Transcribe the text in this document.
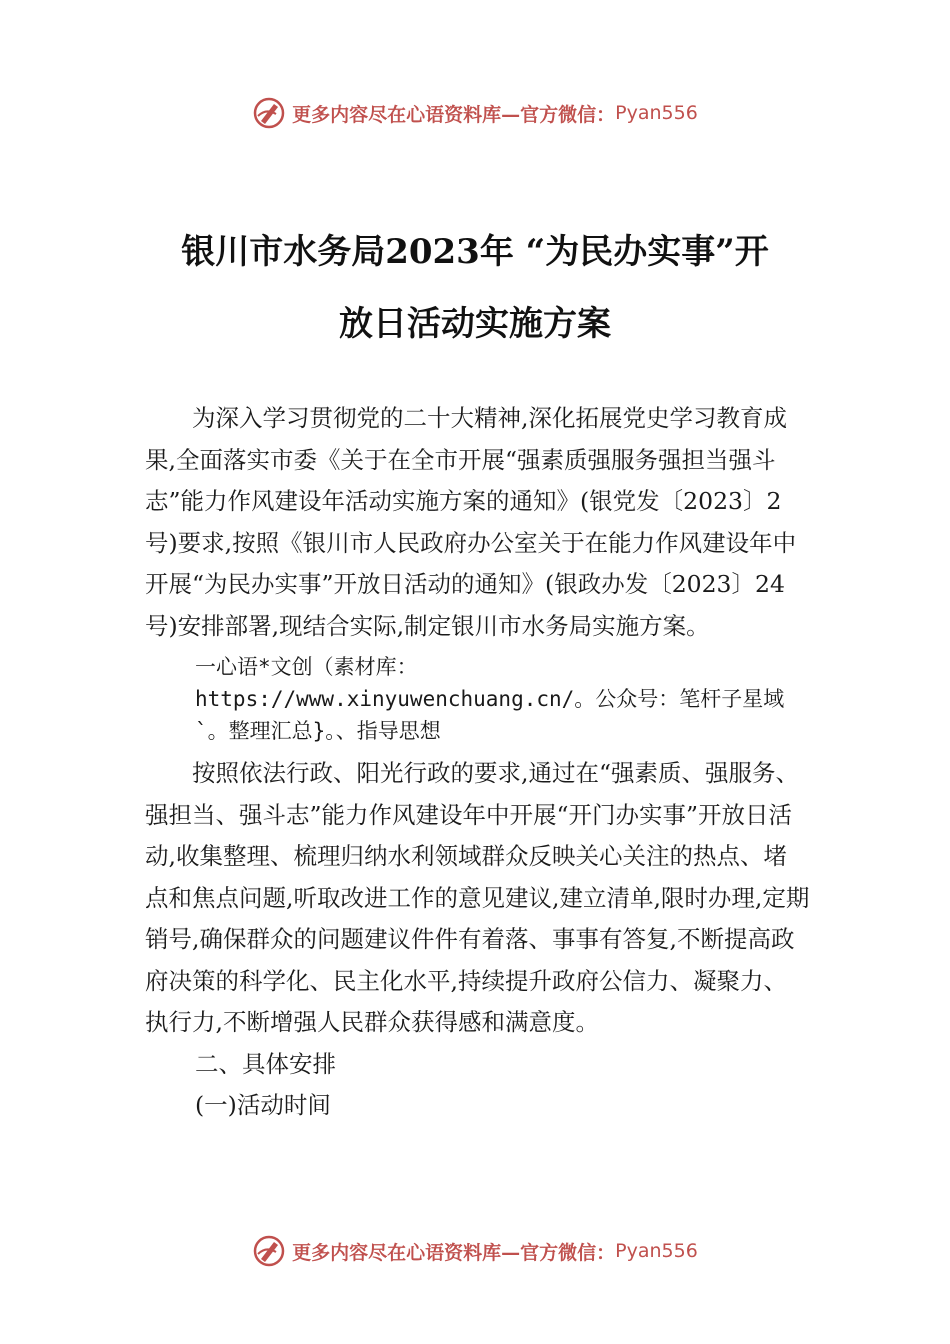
更多内容尽在心语资料库—官方微信： Pyan556
银川市水务局2023年 “为民办实事”开
放日活动实施方案

为深入学习贯彻党的二十大精神,深化拓展党史学习教育成果,全面落实市委《关于在全市开展“强素质强服务强担当强斗志”能力作风建设年活动实施方案的通知》(银党发〔2023〕2号)要求,按照《银川市人民政府办公室关于在能力作风建设年中开展“为民办实事”开放日活动的通知》(银政办发〔2023〕24号)安排部署,现结合实际,制定银川市水务局实施方案。

一心语*文创（素材库：https://www.xinyuwenchuang.cn/。公众号：笔杆子星域`。整理汇总}。、指导思想

按照依法行政、阳光行政的要求,通过在“强素质、强服务、强担当、强斗志”能力作风建设年中开展“开门办实事”开放日活动,收集整理、梳理归纳水利领域群众反映关心关注的热点、堵点和焦点问题,听取改进工作的意见建议,建立清单,限时办理,定期销号,确保群众的问题建议件件有着落、事事有答复,不断提高政府决策的科学化、民主化水平,持续提升政府公信力、凝聚力、执行力,不断增强人民群众获得感和满意度。

二、具体安排

(一)活动时间

更多内容尽在心语资料库—官方微信： Pyan556
